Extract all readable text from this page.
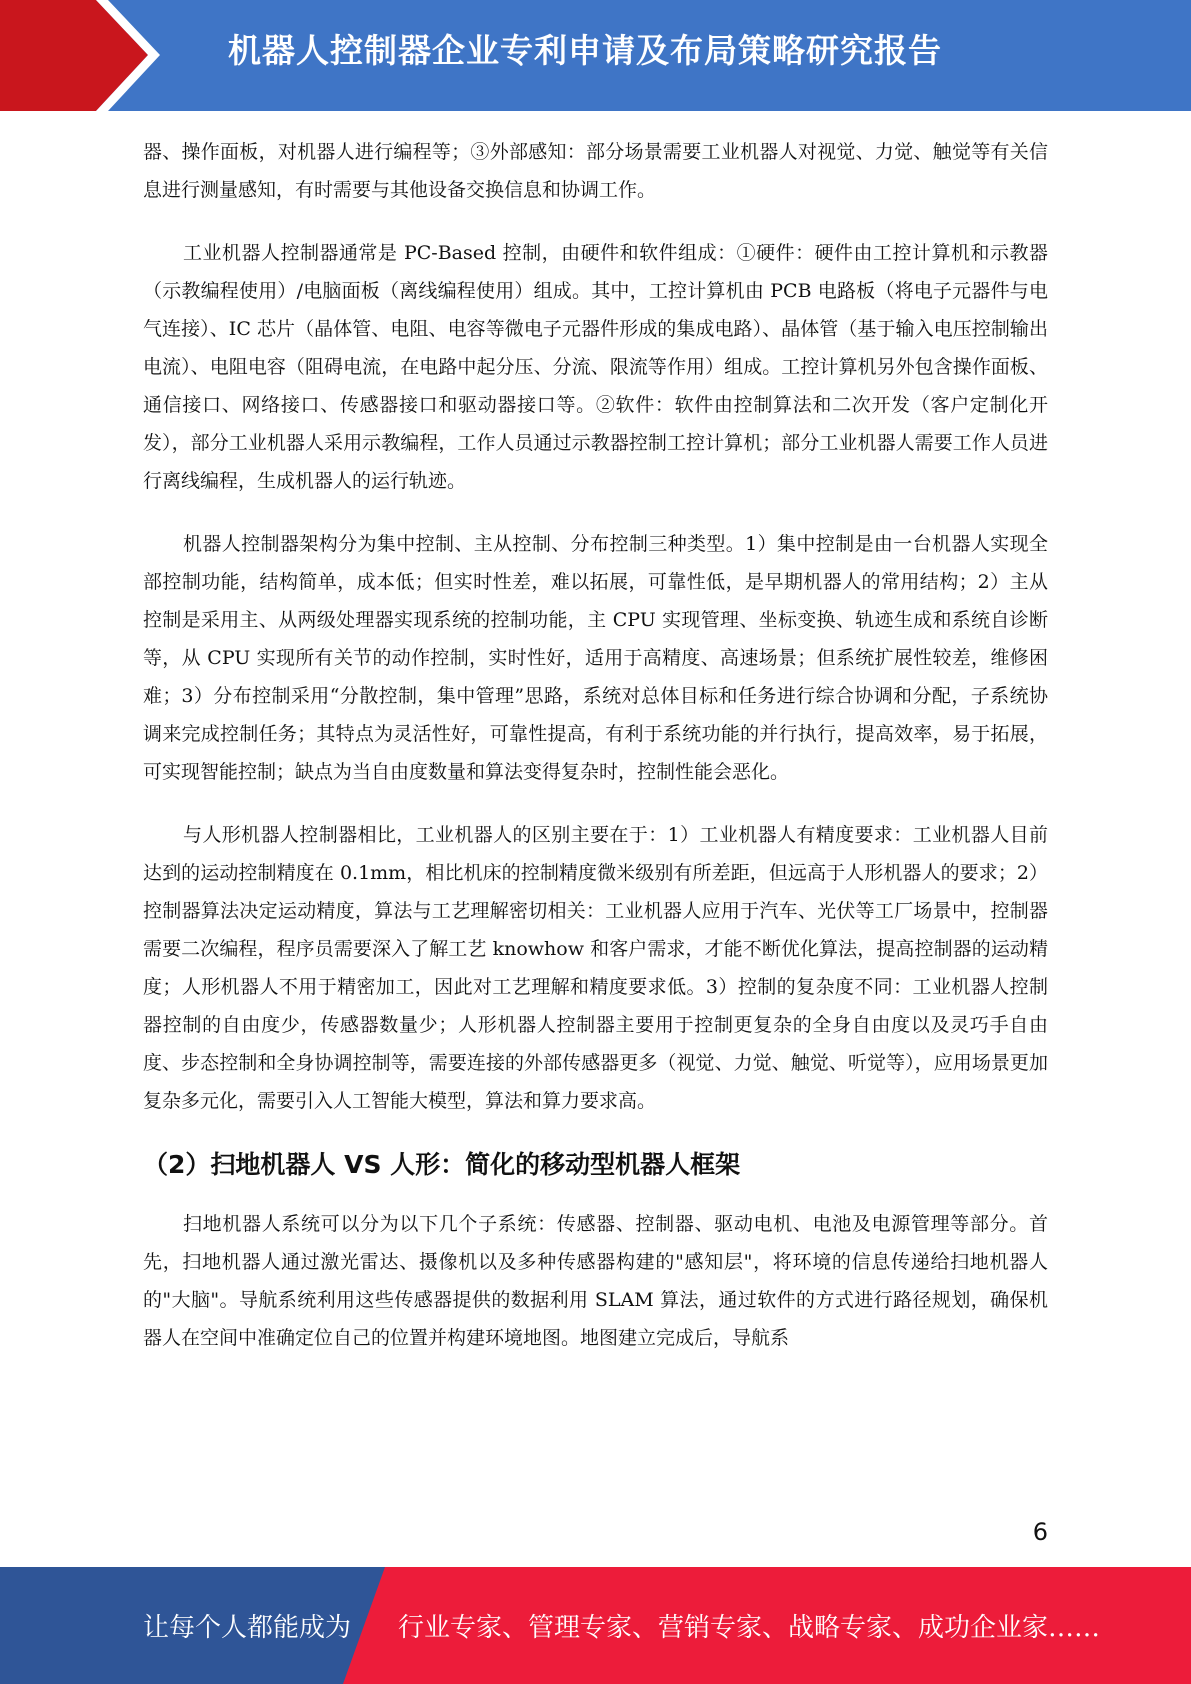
机器人控制器企业专利申请及布局策略研究报告

器、操作面板，对机器人进行编程等；③外部感知：部分场景需要工业机器人对视觉、力觉、触觉等有关信息进行测量感知，有时需要与其他设备交换信息和协调工作。

工业机器人控制器通常是 PC-Based 控制，由硬件和软件组成：①硬件：硬件由工控计算机和示教器（示教编程使用）/电脑面板（离线编程使用）组成。其中，工控计算机由 PCB 电路板（将电子元器件与电气连接）、IC 芯片（晶体管、电阻、电容等微电子元器件形成的集成电路）、晶体管（基于输入电压控制输出电流）、电阻电容（阻碍电流，在电路中起分压、分流、限流等作用）组成。工控计算机另外包含操作面板、通信接口、网络接口、传感器接口和驱动器接口等。②软件：软件由控制算法和二次开发（客户定制化开发），部分工业机器人采用示教编程，工作人员通过示教器控制工控计算机；部分工业机器人需要工作人员进行离线编程，生成机器人的运行轨迹。

机器人控制器架构分为集中控制、主从控制、分布控制三种类型。1）集中控制是由一台机器人实现全部控制功能，结构简单，成本低；但实时性差，难以拓展，可靠性低，是早期机器人的常用结构；2）主从控制是采用主、从两级处理器实现系统的控制功能，主 CPU 实现管理、坐标变换、轨迹生成和系统自诊断等，从 CPU 实现所有关节的动作控制，实时性好，适用于高精度、高速场景；但系统扩展性较差，维修困难；3）分布控制采用“分散控制，集中管理”思路，系统对总体目标和任务进行综合协调和分配，子系统协调来完成控制任务；其特点为灵活性好，可靠性提高，有利于系统功能的并行执行，提高效率，易于拓展，可实现智能控制；缺点为当自由度数量和算法变得复杂时，控制性能会恶化。

与人形机器人控制器相比，工业机器人的区别主要在于：1）工业机器人有精度要求：工业机器人目前达到的运动控制精度在 0.1mm，相比机床的控制精度微米级别有所差距，但远高于人形机器人的要求；2）控制器算法决定运动精度，算法与工艺理解密切相关：工业机器人应用于汽车、光伏等工厂场景中，控制器需要二次编程，程序员需要深入了解工艺 knowhow 和客户需求，才能不断优化算法，提高控制器的运动精度；人形机器人不用于精密加工，因此对工艺理解和精度要求低。3）控制的复杂度不同：工业机器人控制器控制的自由度少，传感器数量少；人形机器人控制器主要用于控制更复杂的全身自由度以及灵巧手自由度、步态控制和全身协调控制等，需要连接的外部传感器更多（视觉、力觉、触觉、听觉等），应用场景更加复杂多元化，需要引入人工智能大模型，算法和算力要求高。

（2）扫地机器人 VS 人形：简化的移动型机器人框架

扫地机器人系统可以分为以下几个子系统：传感器、控制器、驱动电机、电池及电源管理等部分。首先，扫地机器人通过激光雷达、摄像机以及多种传感器构建的"感知层"，将环境的信息传递给扫地机器人的"大脑"。导航系统利用这些传感器提供的数据利用 SLAM 算法，通过软件的方式进行路径规划，确保机器人在空间中准确定位自己的位置并构建环境地图。地图建立完成后，导航系

6
让每个人都能成为 行业专家、管理专家、营销专家、战略专家、成功企业家……
